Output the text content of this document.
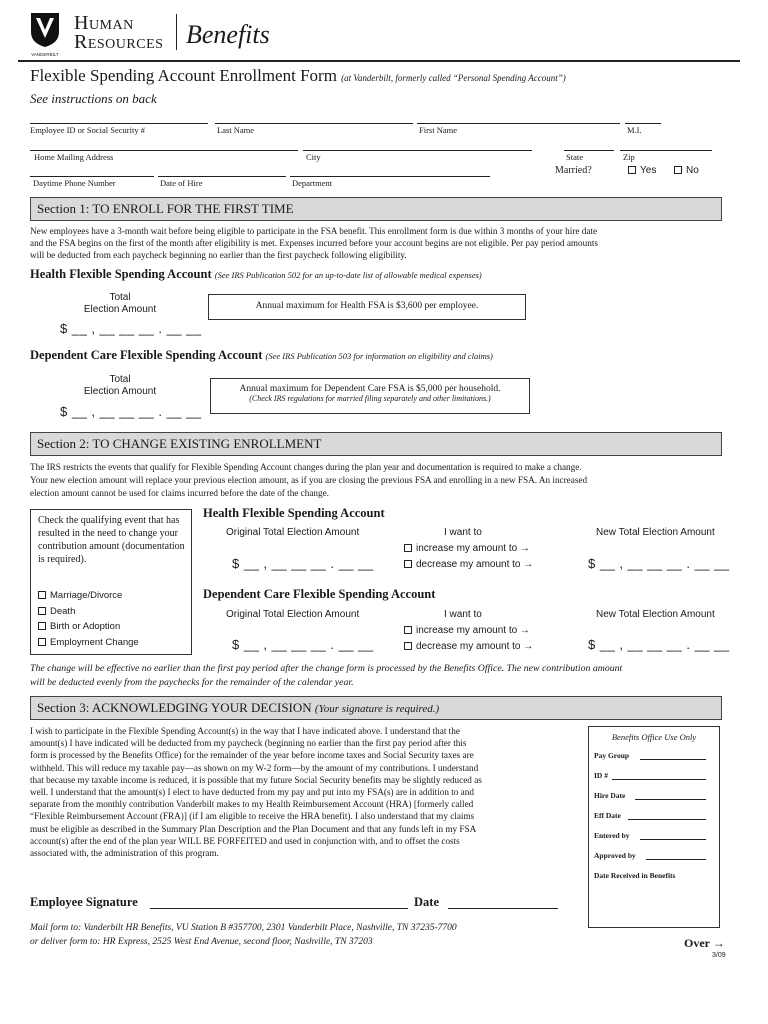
VANDERBILT
Human
Resources Benefits
Flexible Spending Account Enrollment Form (at Vanderbilt, formerly called “Personal Spending Account”)
See instructions on back
Employee ID or Social Security #	Last Name	First Name	M.I.
Home Mailing Address	City	State	Zip
Daytime Phone Number	Date of Hire	Department
Married?	Yes	No
Section 1: TO ENROLL FOR THE FIRST TIME
New employees have a 3-month wait before being eligible to participate in the FSA benefit. This enrollment form is due within 3 months of your hire date
and the FSA begins on the first of the month after eligibility is met. Expenses incurred before your account begins are not eligible. Per pay period amounts
will be deducted from each paycheck beginning no earlier than the first paycheck following eligibility.
Health Flexible Spending Account (See IRS Publication 502 for an up-to-date list of allowable medical expenses)
Total
Election Amount
$ __ , __ __ __ . __ __
Annual maximum for Health FSA is $3,600 per employee.
Dependent Care Flexible Spending Account (See IRS Publication 503 for information on eligibility and claims)
Total
Election Amount
$ __ , __ __ __ . __ __
Annual maximum for Dependent Care FSA is $5,000 per household.
(Check IRS regulations for married filing separately and other limitations.)
Section 2: TO CHANGE EXISTING ENROLLMENT
The IRS restricts the events that qualify for Flexible Spending Account changes during the plan year and documentation is required to make a change.
Your new election amount will replace your previous election amount, as if you are closing the previous FSA and enrolling in a new FSA. An increased
election amount cannot be used for claims incurred before the date of the change.
Check the qualifying event that has resulted in the need to change your contribution amount (documentation is required).
Marriage/Divorce
Death
Birth or Adoption
Employment Change
Health Flexible Spending Account
Original Total Election Amount	I want to	New Total Election Amount
increase my amount to →
decrease my amount to →
$ __ , __ __ __ . __ __	$ __ , __ __ __ . __ __
Dependent Care Flexible Spending Account
Original Total Election Amount	I want to	New Total Election Amount
increase my amount to →
decrease my amount to →
$ __ , __ __ __ . __ __	$ __ , __ __ __ . __ __
The change will be effective no earlier than the first pay period after the change form is processed by the Benefits Office. The new contribution amount
will be deducted evenly from the paychecks for the remainder of the calendar year.
Section 3: ACKNOWLEDGING YOUR DECISION (Your signature is required.)
I wish to participate in the Flexible Spending Account(s) in the way that I have indicated above. I understand that the
amount(s) I have indicated will be deducted from my paycheck (beginning no earlier than the first pay period after this
form is processed by the Benefits Office) for the remainder of the year before income taxes and Social Security taxes are
withheld. This will reduce my taxable pay—as shown on my W-2 form—by the amount of my contributions. I understand
that because my taxable income is reduced, it is possible that my future Social Security benefits may be slightly reduced as
well. I understand that the amount(s) I elect to have deducted from my pay and put into my FSA(s) are in addition to and
separate from the monthly contribution Vanderbilt makes to my Health Reimbursement Account (HRA) [formerly called
“Flexible Reimbursement Account (FRA)] (if I am eligible to receive the HRA benefit). I also understand that my claims
must be eligible as described in the Summary Plan Description and the Plan Document and that any funds left in my FSA
account(s) after the end of the plan year WILL BE FORFEITED and used in conjunction with, and to offset the costs
associated with, the administration of this program.
Benefits Office Use Only
Pay Group
ID #
Hire Date
Eff Date
Entered by
Approved by
Date Received in Benefits
Employee Signature	Date
Mail form to: Vanderbilt HR Benefits, VU Station B #357700, 2301 Vanderbilt Place, Nashville, TN 37235-7700
or deliver form to: HR Express, 2525 West End Avenue, second floor, Nashville, TN 37203	Over →
3/09
